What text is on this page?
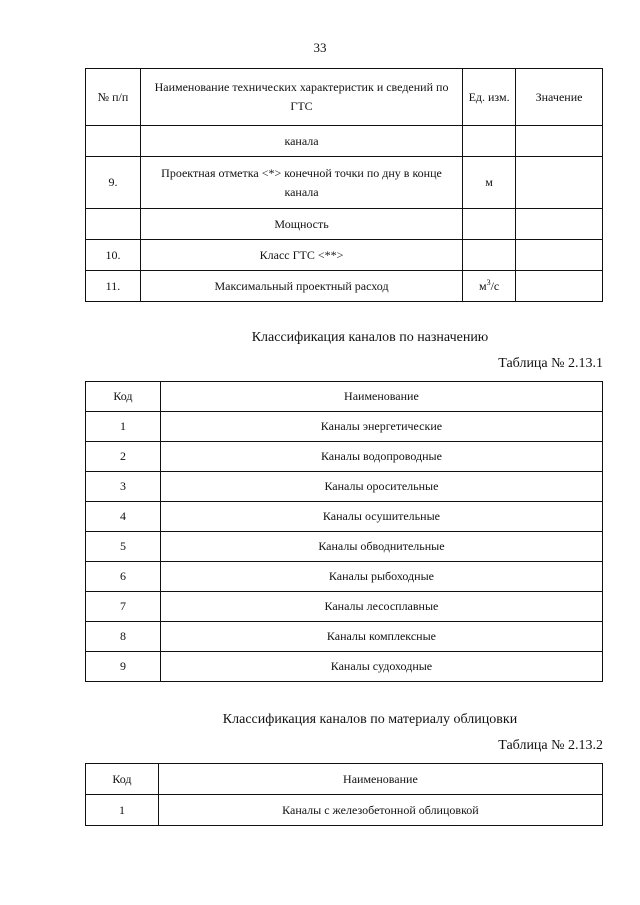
33
№ п/п	Наименование технических характеристик и сведений по ГТС	Ед. изм.	Значение
	канала		
9.	Проектная отметка <*> конечной точки по дну в конце канала	м	
	Мощность		
10.	Класс ГТС <**>		
11.	Максимальный проектный расход	$м^3/с$	
Классификация каналов по назначению
Таблица № 2.13.1
Код	Наименование
1	Каналы энергетические
2	Каналы водопроводные
3	Каналы оросительные
4	Каналы осушительные
5	Каналы обводнительные
6	Каналы рыбоходные
7	Каналы лесосплавные
8	Каналы комплексные
9	Каналы судоходные
Классификация каналов по материалу облицовки
Таблица № 2.13.2
Код	Наименование
1	Каналы с железобетонной облицовкой
